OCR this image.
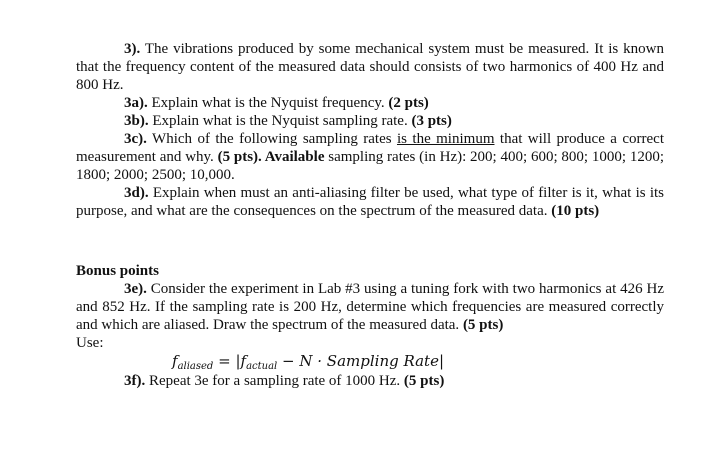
3). The vibrations produced by some mechanical system must be measured. It is known that the frequency content of the measured data should consists of two harmonics of 400 Hz and 800 Hz.
3a). Explain what is the Nyquist frequency. (2 pts)
3b). Explain what is the Nyquist sampling rate. (3 pts)
3c). Which of the following sampling rates is the minimum that will produce a correct measurement and why. (5 pts). Available sampling rates (in Hz): 200; 400; 600; 800; 1000; 1200; 1800; 2000; 2500; 10,000.
3d). Explain when must an anti-aliasing filter be used, what type of filter is it, what is its purpose, and what are the consequences on the spectrum of the measured data. (10 pts)
Bonus points
3e). Consider the experiment in Lab #3 using a tuning fork with two harmonics at 426 Hz and 852 Hz. If the sampling rate is 200 Hz, determine which frequencies are measured correctly and which are aliased. Draw the spectrum of the measured data. (5 pts)
Use:
$f_{aliased} = |f_{actual} - N$ · Sampling Rate|
3f). Repeat 3e for a sampling rate of 1000 Hz. (5 pts)
